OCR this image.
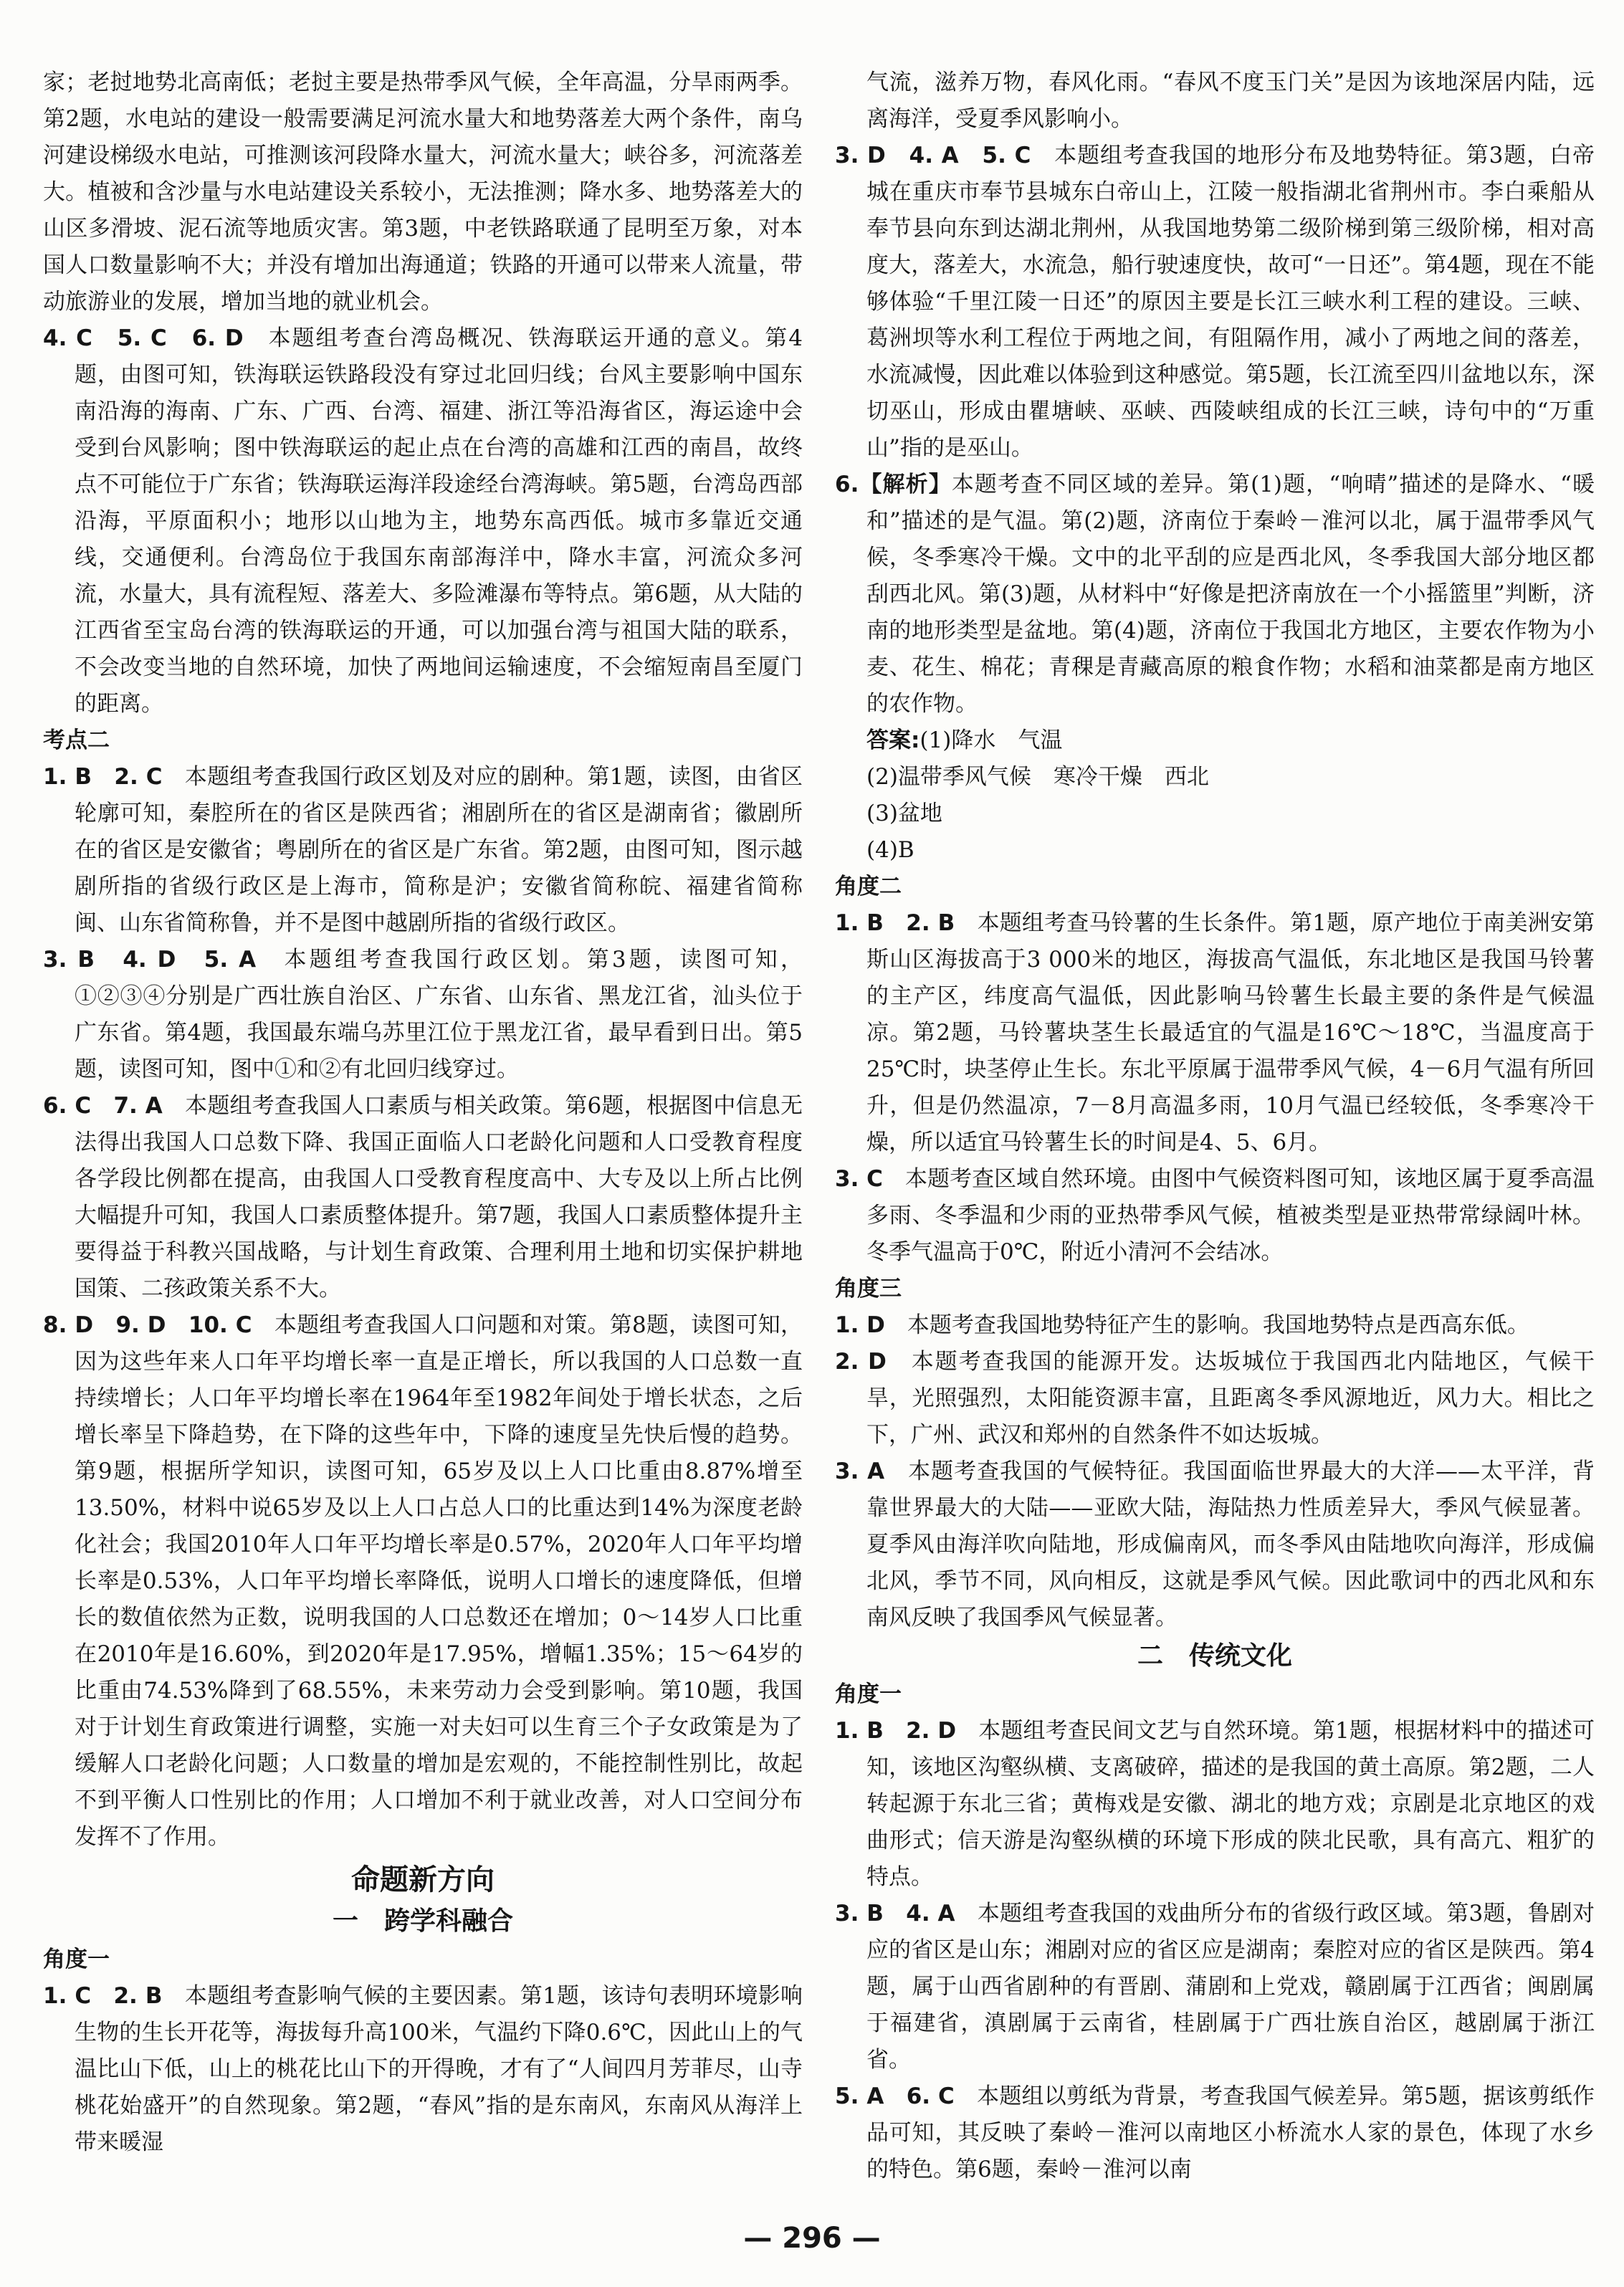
家；老挝地势北高南低；老挝主要是热带季风气候，全年高温，分旱雨两季。第2题，水电站的建设一般需要满足河流水量大和地势落差大两个条件，南乌河建设梯级水电站，可推测该河段降水量大，河流水量大；峡谷多，河流落差大。植被和含沙量与水电站建设关系较小，无法推测；降水多、地势落差大的山区多滑坡、泥石流等地质灾害。第3题，中老铁路联通了昆明至万象，对本国人口数量影响不大；并没有增加出海通道；铁路的开通可以带来人流量，带动旅游业的发展，增加当地的就业机会。

4. C　5. C　6. D　本题组考查台湾岛概况、铁海联运开通的意义。第4题，由图可知，铁海联运铁路段没有穿过北回归线；台风主要影响中国东南沿海的海南、广东、广西、台湾、福建、浙江等沿海省区，海运途中会受到台风影响；图中铁海联运的起止点在台湾的高雄和江西的南昌，故终点不可能位于广东省；铁海联运海洋段途经台湾海峡。第5题，台湾岛西部沿海，平原面积小；地形以山地为主，地势东高西低。城市多靠近交通线，交通便利。台湾岛位于我国东南部海洋中，降水丰富，河流众多河流，水量大，具有流程短、落差大、多险滩瀑布等特点。第6题，从大陆的江西省至宝岛台湾的铁海联运的开通，可以加强台湾与祖国大陆的联系，不会改变当地的自然环境，加快了两地间运输速度，不会缩短南昌至厦门的距离。

考点二

1. B　2. C　本题组考查我国行政区划及对应的剧种。第1题，读图，由省区轮廓可知，秦腔所在的省区是陕西省；湘剧所在的省区是湖南省；徽剧所在的省区是安徽省；粤剧所在的省区是广东省。第2题，由图可知，图示越剧所指的省级行政区是上海市，简称是沪；安徽省简称皖、福建省简称闽、山东省简称鲁，并不是图中越剧所指的省级行政区。

3. B　4. D　5. A　本题组考查我国行政区划。第3题，读图可知，①②③④分别是广西壮族自治区、广东省、山东省、黑龙江省，汕头位于广东省。第4题，我国最东端乌苏里江位于黑龙江省，最早看到日出。第5题，读图可知，图中①和②有北回归线穿过。

6. C　7. A　本题组考查我国人口素质与相关政策。第6题，根据图中信息无法得出我国人口总数下降、我国正面临人口老龄化问题和人口受教育程度各学段比例都在提高，由我国人口受教育程度高中、大专及以上所占比例大幅提升可知，我国人口素质整体提升。第7题，我国人口素质整体提升主要得益于科教兴国战略，与计划生育政策、合理利用土地和切实保护耕地国策、二孩政策关系不大。

8. D　9. D　10. C　本题组考查我国人口问题和对策。第8题，读图可知，因为这些年来人口年平均增长率一直是正增长，所以我国的人口总数一直持续增长；人口年平均增长率在1964年至1982年间处于增长状态，之后增长率呈下降趋势，在下降的这些年中，下降的速度呈先快后慢的趋势。第9题，根据所学知识，读图可知，65岁及以上人口比重由8.87%增至13.50%，材料中说65岁及以上人口占总人口的比重达到14%为深度老龄化社会；我国2010年人口年平均增长率是0.57%，2020年人口年平均增长率是0.53%，人口年平均增长率降低，说明人口增长的速度降低，但增长的数值依然为正数，说明我国的人口总数还在增加；0～14岁人口比重在2010年是16.60%，到2020年是17.95%，增幅1.35%；15～64岁的比重由74.53%降到了68.55%，未来劳动力会受到影响。第10题，我国对于计划生育政策进行调整，实施一对夫妇可以生育三个子女政策是为了缓解人口老龄化问题；人口数量的增加是宏观的，不能控制性别比，故起不到平衡人口性别比的作用；人口增加不利于就业改善，对人口空间分布发挥不了作用。

命题新方向

一　跨学科融合

角度一

1. C　2. B　本题组考查影响气候的主要因素。第1题，该诗句表明环境影响生物的生长开花等，海拔每升高100米，气温约下降0.6℃，因此山上的气温比山下低，山上的桃花比山下的开得晚，才有了“人间四月芳菲尽，山寺桃花始盛开”的自然现象。第2题，“春风”指的是东南风，东南风从海洋上带来暖湿

气流，滋养万物，春风化雨。“春风不度玉门关”是因为该地深居内陆，远离海洋，受夏季风影响小。

3. D　4. A　5. C　本题组考查我国的地形分布及地势特征。第3题，白帝城在重庆市奉节县城东白帝山上，江陵一般指湖北省荆州市。李白乘船从奉节县向东到达湖北荆州，从我国地势第二级阶梯到第三级阶梯，相对高度大，落差大，水流急，船行驶速度快，故可“一日还”。第4题，现在不能够体验“千里江陵一日还”的原因主要是长江三峡水利工程的建设。三峡、葛洲坝等水利工程位于两地之间，有阻隔作用，减小了两地之间的落差，水流减慢，因此难以体验到这种感觉。第5题，长江流至四川盆地以东，深切巫山，形成由瞿塘峡、巫峡、西陵峡组成的长江三峡，诗句中的“万重山”指的是巫山。

6.【解析】本题考查不同区域的差异。第(1)题，“响晴”描述的是降水、“暖和”描述的是气温。第(2)题，济南位于秦岭－淮河以北，属于温带季风气候，冬季寒冷干燥。文中的北平刮的应是西北风，冬季我国大部分地区都刮西北风。第(3)题，从材料中“好像是把济南放在一个小摇篮里”判断，济南的地形类型是盆地。第(4)题，济南位于我国北方地区，主要农作物为小麦、花生、棉花；青稞是青藏高原的粮食作物；水稻和油菜都是南方地区的农作物。

答案:(1)降水　气温

(2)温带季风气候　寒冷干燥　西北

(3)盆地

(4)B

角度二

1. B　2. B　本题组考查马铃薯的生长条件。第1题，原产地位于南美洲安第斯山区海拔高于3 000米的地区，海拔高气温低，东北地区是我国马铃薯的主产区，纬度高气温低，因此影响马铃薯生长最主要的条件是气候温凉。第2题，马铃薯块茎生长最适宜的气温是16℃～18℃，当温度高于25℃时，块茎停止生长。东北平原属于温带季风气候，4－6月气温有所回升，但是仍然温凉，7－8月高温多雨，10月气温已经较低，冬季寒冷干燥，所以适宜马铃薯生长的时间是4、5、6月。

3. C　本题考查区域自然环境。由图中气候资料图可知，该地区属于夏季高温多雨、冬季温和少雨的亚热带季风气候，植被类型是亚热带常绿阔叶林。冬季气温高于0℃，附近小清河不会结冰。

角度三

1. D　本题考查我国地势特征产生的影响。我国地势特点是西高东低。

2. D　本题考查我国的能源开发。达坂城位于我国西北内陆地区，气候干旱，光照强烈，太阳能资源丰富，且距离冬季风源地近，风力大。相比之下，广州、武汉和郑州的自然条件不如达坂城。

3. A　本题考查我国的气候特征。我国面临世界最大的大洋——太平洋，背靠世界最大的大陆——亚欧大陆，海陆热力性质差异大，季风气候显著。夏季风由海洋吹向陆地，形成偏南风，而冬季风由陆地吹向海洋，形成偏北风，季节不同，风向相反，这就是季风气候。因此歌词中的西北风和东南风反映了我国季风气候显著。

二　传统文化

角度一

1. B　2. D　本题组考查民间文艺与自然环境。第1题，根据材料中的描述可知，该地区沟壑纵横、支离破碎，描述的是我国的黄土高原。第2题，二人转起源于东北三省；黄梅戏是安徽、湖北的地方戏；京剧是北京地区的戏曲形式；信天游是沟壑纵横的环境下形成的陕北民歌，具有高亢、粗犷的特点。

3. B　4. A　本题组考查我国的戏曲所分布的省级行政区域。第3题，鲁剧对应的省区是山东；湘剧对应的省区应是湖南；秦腔对应的省区是陕西。第4题，属于山西省剧种的有晋剧、蒲剧和上党戏，赣剧属于江西省；闽剧属于福建省，滇剧属于云南省，桂剧属于广西壮族自治区，越剧属于浙江省。

5. A　6. C　本题组以剪纸为背景，考查我国气候差异。第5题，据该剪纸作品可知，其反映了秦岭－淮河以南地区小桥流水人家的景色，体现了水乡的特色。第6题，秦岭－淮河以南

— 296 —
